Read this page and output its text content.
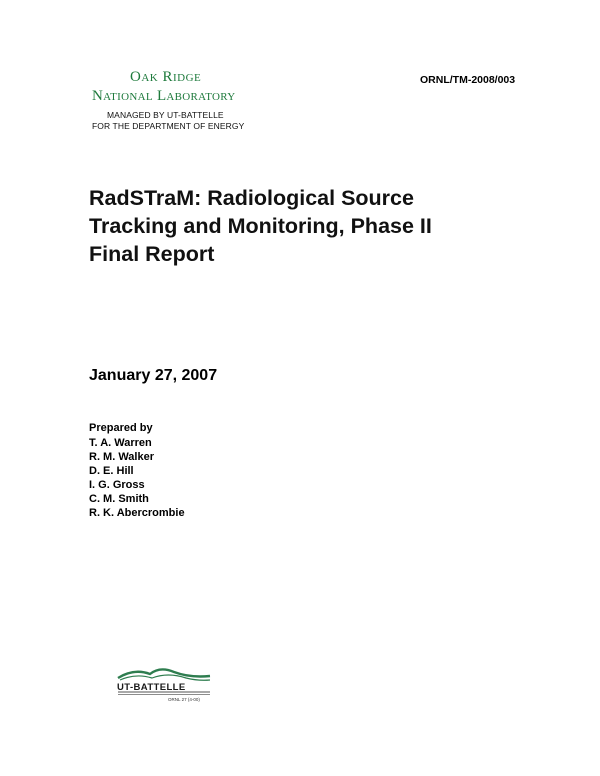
Oak Ridge
National Laboratory
MANAGED BY UT-BATTELLE
FOR THE DEPARTMENT OF ENERGY
ORNL/TM-2008/003
RadSTraM: Radiological Source
Tracking and Monitoring, Phase II
Final Report
January 27, 2007
Prepared by
T. A. Warren
R. M. Walker
D. E. Hill
I. G. Gross
C. M. Smith
R. K. Abercrombie
UT-BATTELLE
ORNL 27 (4-00)
